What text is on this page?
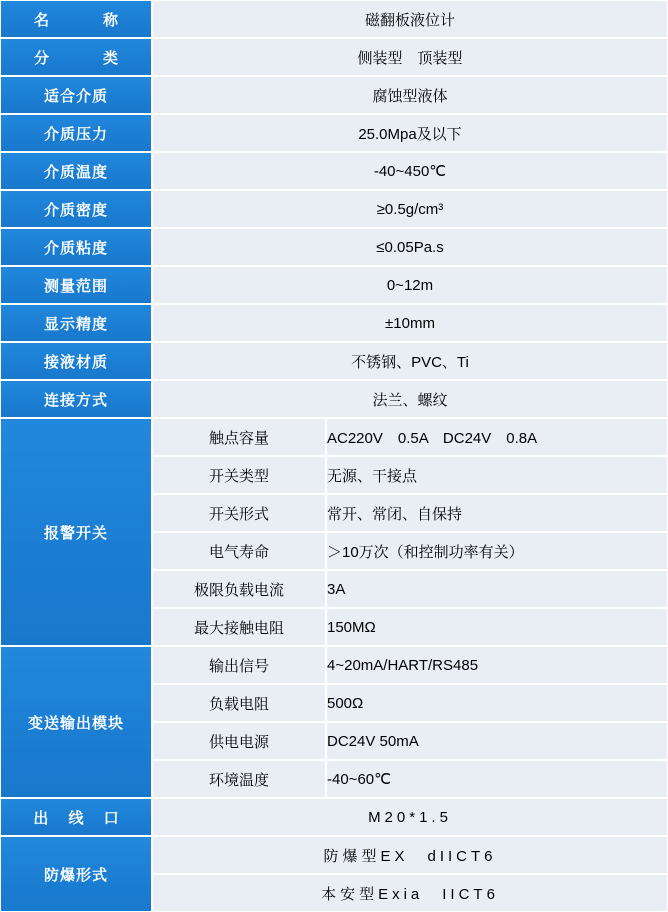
名　　称	磁翻板液位计
分　　类	侧装型　顶装型
适合介质	腐蚀型液体
介质压力	25.0Mpa及以下
介质温度	-40~450℃
介质密度	≥0.5g/cm³
介质粘度	≤0.05Pa.s
测量范围	0~12m
显示精度	±10mm
接液材质	不锈钢、PVC、Ti
连接方式	法兰、螺纹
报警开关	
触点容量	AC220V　0.5A　DC24V　0.8A
开关类型	无源、干接点
开关形式	常开、常闭、自保持
电气寿命	＞10万次（和控制功率有关）
极限负载电流	3A
最大接触电阻	150MΩ

变送输出模块	
输出信号	4~20mA/HART/RS485
负载电阻	500Ω
供电电源	DC24V 50mA
环境温度	-40~60℃

出 线 口	M20*1.5
防爆形式	
防爆型EX　dIICT6
本安型Exia　IICT6
